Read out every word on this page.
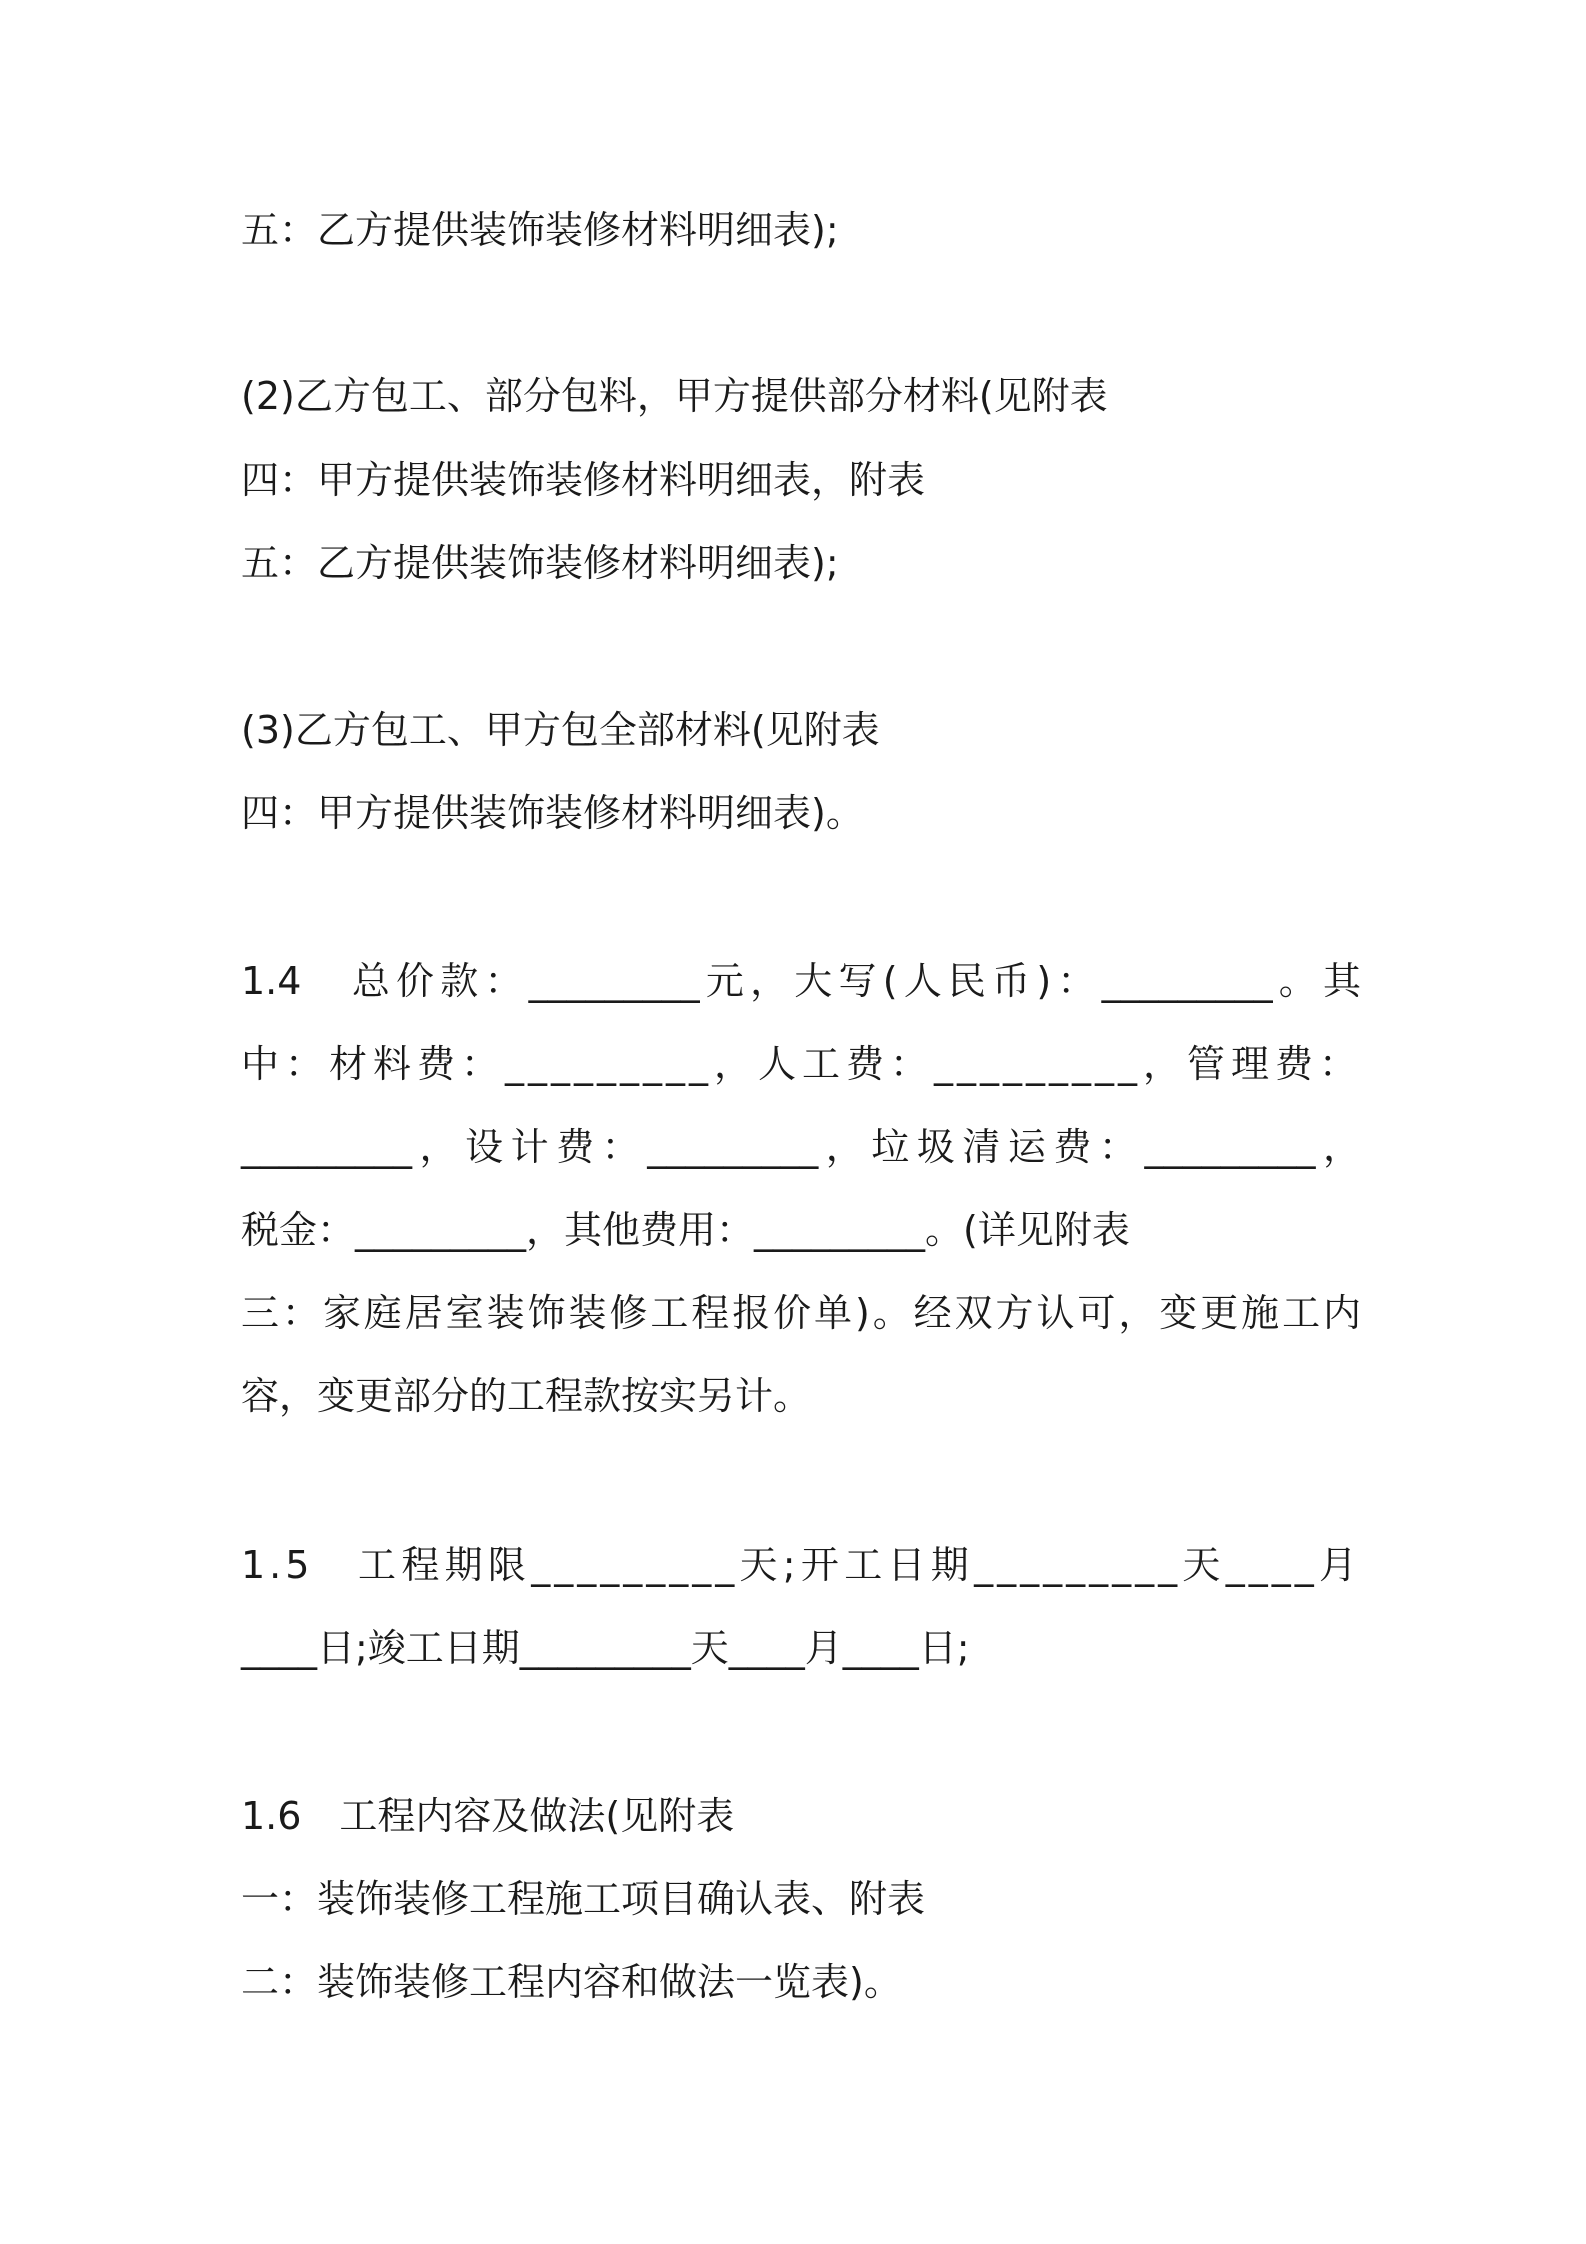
五：乙方提供装饰装修材料明细表);
(2)乙方包工、部分包料，甲方提供部分材料(见附表
四：甲方提供装饰装修材料明细表，附表
五：乙方提供装饰装修材料明细表);
(3)乙方包工、甲方包全部材料(见附表
四：甲方提供装饰装修材料明细表)。
1.4　总价款：_________元，大写(人民币)：_________。其
中：材料费：_________，人工费：_________，管理费：
_________，设计费：_________，垃圾清运费：_________，
税金：_________，其他费用：_________。(详见附表
三：家庭居室装饰装修工程报价单)。经双方认可，变更施工内
容，变更部分的工程款按实另计。
1.5　工程期限_________天;开工日期_________天____月
____日;竣工日期_________天____月____日;
1.6　工程内容及做法(见附表
一：装饰装修工程施工项目确认表、附表
二：装饰装修工程内容和做法一览表)。
